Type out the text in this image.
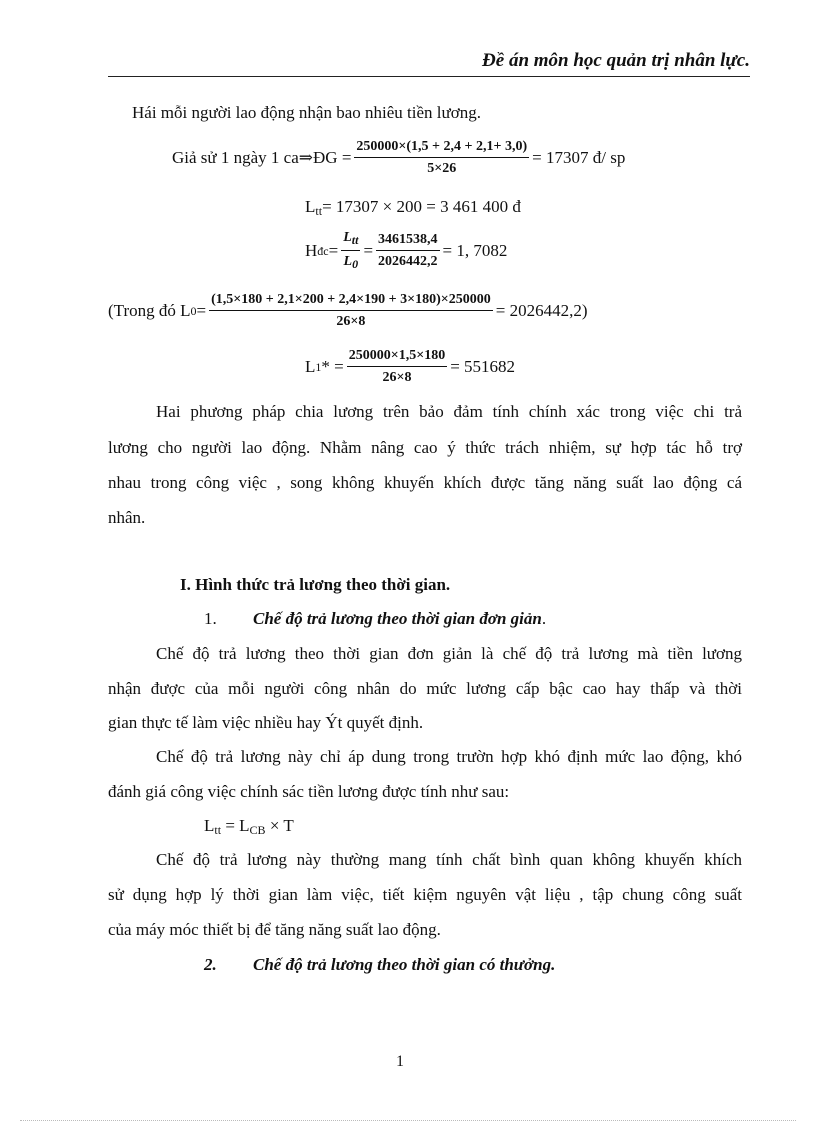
Đề án môn học quản trị nhân lực.
Hái mỗi người lao động nhận bao nhiêu tiền lương.
Giả sử 1 ngày 1 ca ⇒ ĐG = $\frac{250000\times(1,5 + 2,4 + 2,1+ 3,0)}{5\times 26} = 17307$ đ/ sp
$L_{tt}= 17307 \times 200 = 3$ 461 400 đ
H đc = $\frac{\text{Ltt}}{L0} = \frac{3461538,4}{2026442,2} = 1$, 7082
(Trong đó L $0 = \frac{(1,5\times 180 + 2,1\times 200 + 2,4\times 190 + 3\times 180)\times 250000}{26\times 8} = 2026442,2$)
L 1 * = $\frac{250000\times 1,5\times 180}{26\times 8} = 551682$
Hai phương pháp chia lương trên bảo đảm tính chính xác trong việc chi trả
lương cho người lao động. Nhằm nâng cao ý thức trách nhiệm, sự hợp tác hỗ trợ
nhau trong công việc , song không khuyến khích được tăng năng suất lao động cá
nhân.
I. Hình thức trả lương theo thời gian.
1. Chế độ trả lương theo thời gian đơn giản.
Chế độ trả lương theo thời gian đơn giản là chế độ trả lương mà tiền lương
nhận được của mỗi người công nhân do mức lương cấp bậc cao hay thấp và thời
gian thực tế làm việc nhiều hay Ýt quyết định.
Chế độ trả lương này chỉ áp dung trong trườn hợp khó định mức lao động, khó
đánh giá công việc chính sác tiền lương được tính như sau:
$L_{tt} = L_{CB} \times T$
Chế độ trả lương này thường mang tính chất bình quan không khuyến khích
sử dụng hợp lý thời gian làm việc, tiết kiệm nguyên vật liệu , tập chung công suất
của máy móc thiết bị để tăng năng suất lao động.
2. Chế độ trả lương theo thời gian có thưởng.
1
